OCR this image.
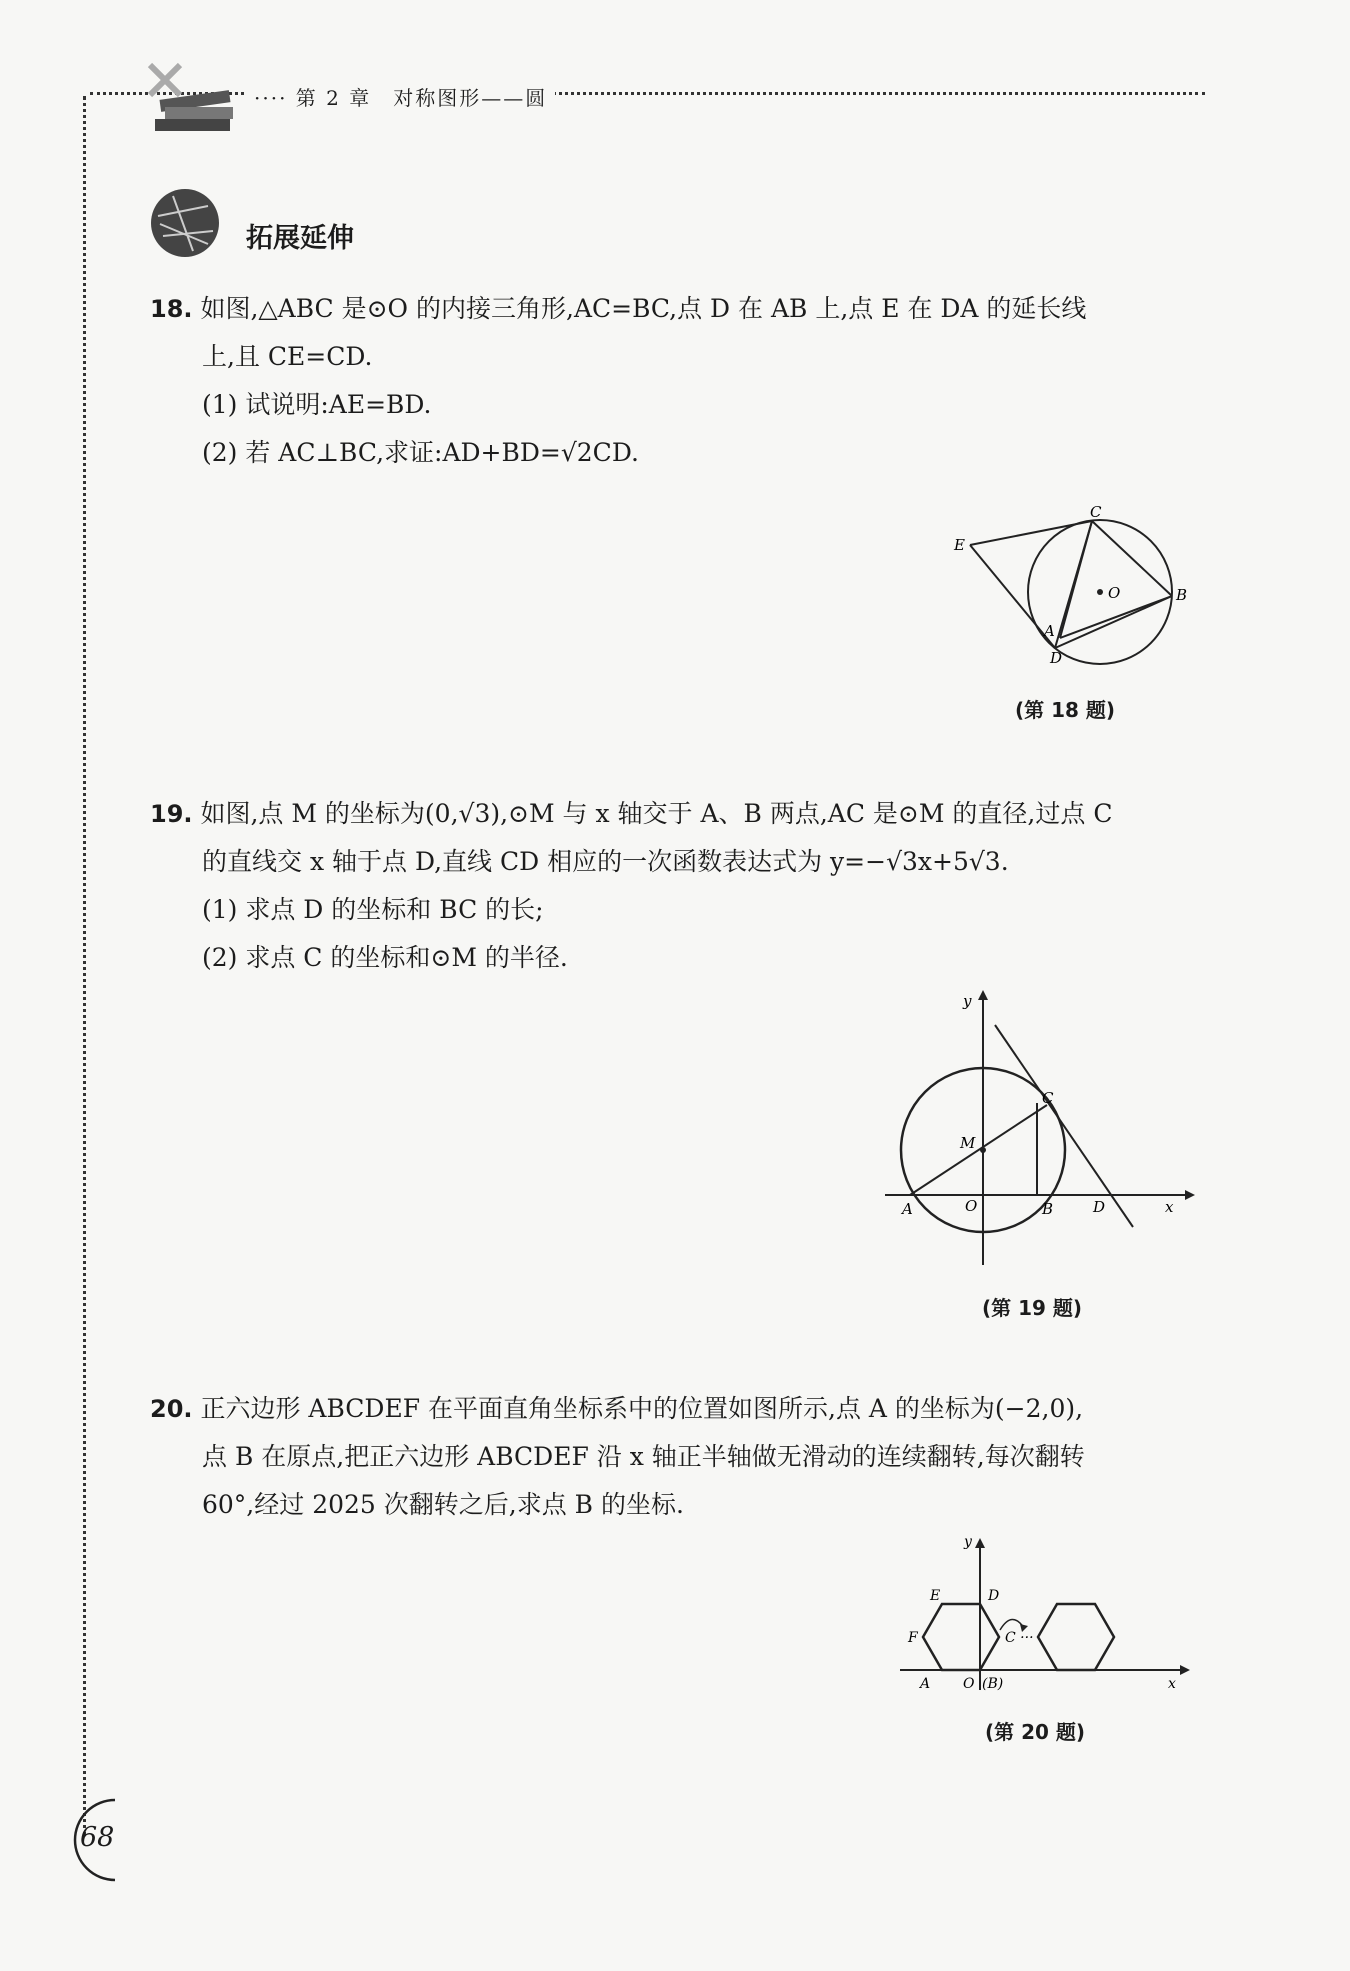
···· 第 2 章　对称图形——圆
拓展延伸
18. 如图,△ABC 是⊙O 的内接三角形,AC=BC,点 D 在 AB 上,点 E 在 DA 的延长线
上,且 CE=CD.
(1) 试说明:AE=BD.
(2) 若 AC⊥BC,求证:AD+BD=√2CD.
C
E
O	B
A
D
(第 18 题)
19. 如图,点 M 的坐标为(0,√3),⊙M 与 x 轴交于 A、B 两点,AC 是⊙M 的直径,过点 C
的直线交 x 轴于点 D,直线 CD 相应的一次函数表达式为 y=−√3x+5√3.
(1) 求点 D 的坐标和 BC 的长;
(2) 求点 C 的坐标和⊙M 的半径.
y
C
M
A	O	B	D	x
(第 19 题)
20. 正六边形 ABCDEF 在平面直角坐标系中的位置如图所示,点 A 的坐标为(−2,0),
点 B 在原点,把正六边形 ABCDEF 沿 x 轴正半轴做无滑动的连续翻转,每次翻转
60°,经过 2025 次翻转之后,求点 B 的坐标.
y
E	D
F	C ···
A O (B)	x
(第 20 题)
68
